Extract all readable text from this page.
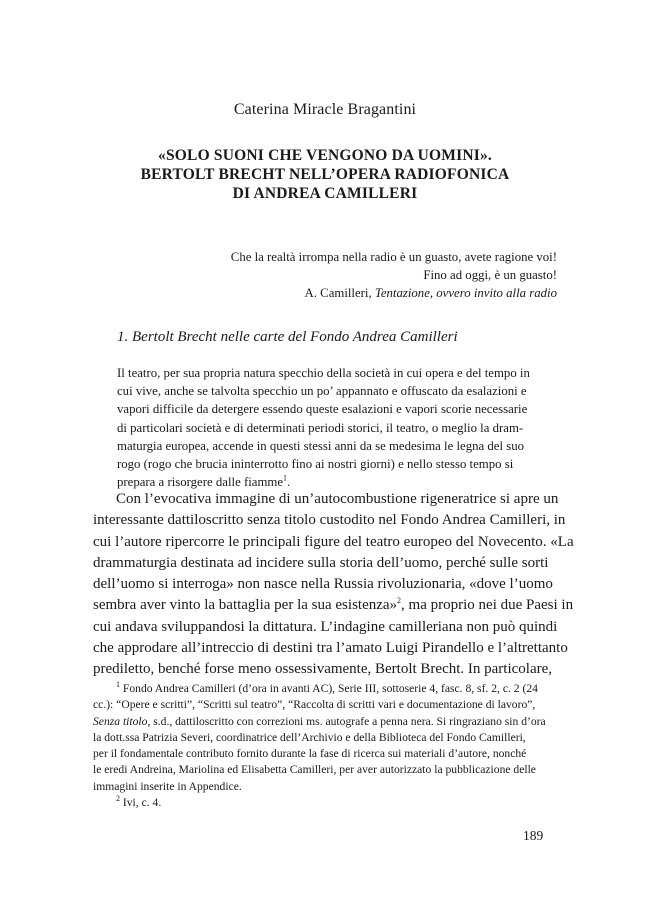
Caterina Miracle Bragantini
«SOLO SUONI CHE VENGONO DA UOMINI».
BERTOLT BRECHT NELL’OPERA RADIOFONICA
DI ANDREA CAMILLERI
Che la realtà irrompa nella radio è un guasto, avete ragione voi!
Fino ad oggi, è un guasto!
A. Camilleri, Tentazione, ovvero invito alla radio
1. Bertolt Brecht nelle carte del Fondo Andrea Camilleri
Il teatro, per sua propria natura specchio della società in cui opera e del tempo in
cui vive, anche se talvolta specchio un po’ appannato e offuscato da esalazioni e
vapori difficile da detergere essendo queste esalazioni e vapori scorie necessarie
di particolari società e di determinati periodi storici, il teatro, o meglio la dram-
maturgia europea, accende in questi stessi anni da se medesima le legna del suo
rogo (rogo che brucia ininterrotto fino ai nostri giorni) e nello stesso tempo si
prepara a risorgere dalle fiamme$^1$.
Con l’evocativa immagine di un’autocombustione rigeneratrice si apre un
interessante dattiloscritto senza titolo custodito nel Fondo Andrea Camilleri, in
cui l’autore ripercorre le principali figure del teatro europeo del Novecento. «La
drammaturgia destinata ad incidere sulla storia dell’uomo, perché sulle sorti
dell’uomo si interroga» non nasce nella Russia rivoluzionaria, «dove l’uomo
sembra aver vinto la battaglia per la sua esistenza»$^2$, ma proprio nei due Paesi in
cui andava sviluppandosi la dittatura. L’indagine camilleriana non può quindi
che approdare all’intreccio di destini tra l’amato Luigi Pirandello e l’altrettanto
prediletto, benché forse meno ossessivamente, Bertolt Brecht. In particolare,
$^1$ Fondo Andrea Camilleri (d’ora in avanti AC), Serie III, sottoserie 4, fasc. 8, sf. 2, c. 2 (24
cc.): “Opere e scritti”, “Scritti sul teatro”, “Raccolta di scritti vari e documentazione di lavoro”,
Senza titolo, s.d., dattiloscritto con correzioni ms. autografe a penna nera. Si ringraziano sin d’ora
la dott.ssa Patrizia Severi, coordinatrice dell’Archivio e della Biblioteca del Fondo Camilleri,
per il fondamentale contributo fornito durante la fase di ricerca sui materiali d’autore, nonché
le eredi Andreina, Mariolina ed Elisabetta Camilleri, per aver autorizzato la pubblicazione delle
immagini inserite in Appendice.
$^2$ Ivi, c. 4.
189
